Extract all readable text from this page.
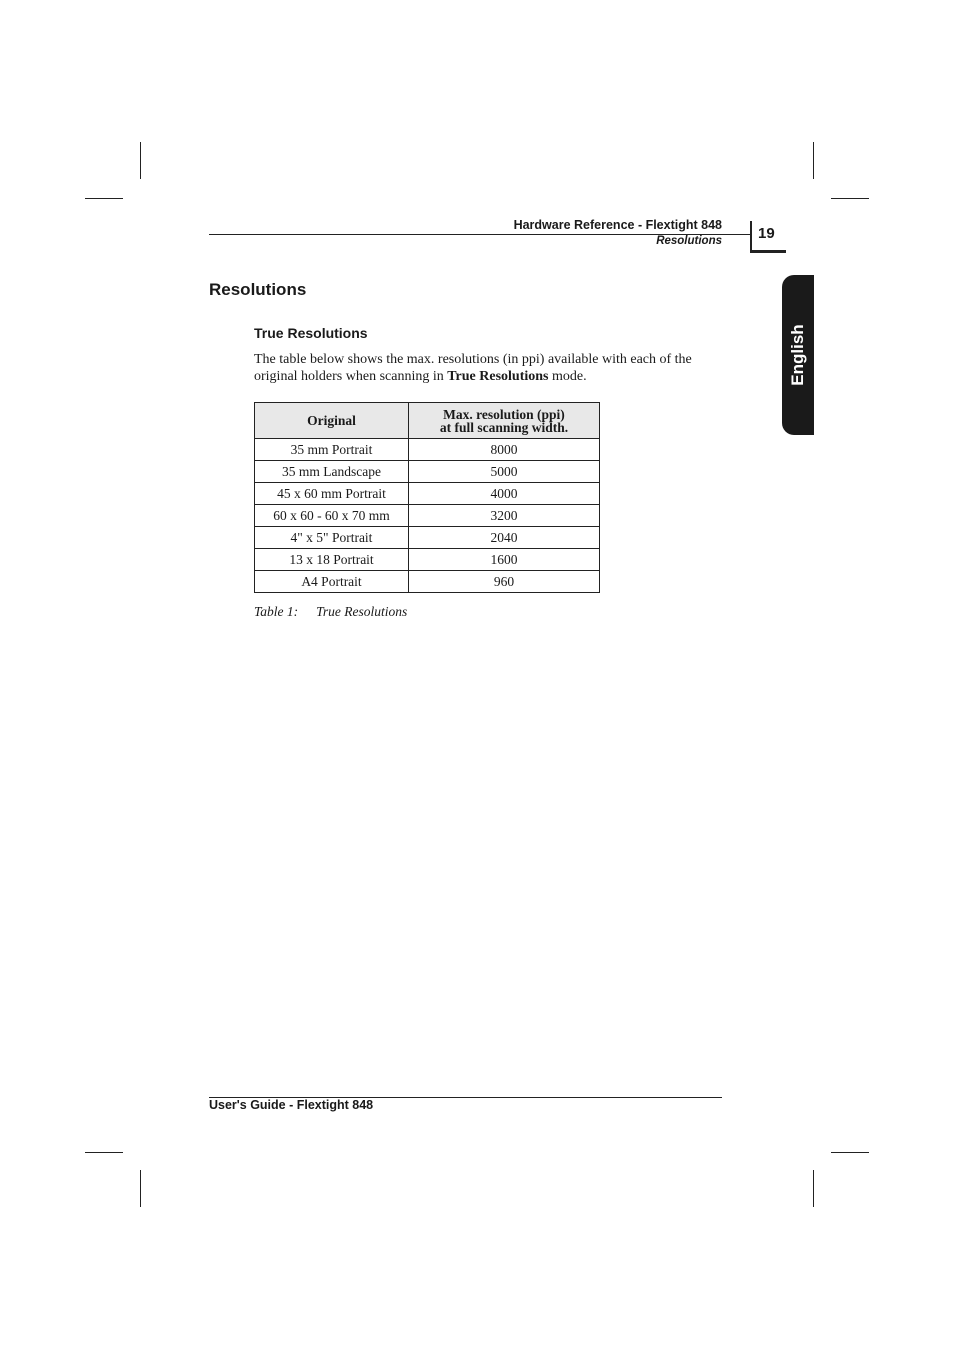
Hardware Reference - Flextight 848
Resolutions 19
English
Resolutions
True Resolutions

The table below shows the max. resolutions (in ppi) available with each of the original holders when scanning in True Resolutions mode.

Original	Max. resolution (ppi)
at full scanning width.
35 mm Portrait	8000
35 mm Landscape	5000
45 x 60 mm Portrait	4000
60 x 60 - 60 x 70 mm	3200
4" x 5" Portrait	2040
13 x 18 Portrait	1600
A4 Portrait	960
Table 1: True Resolutions
User's Guide - Flextight 848
